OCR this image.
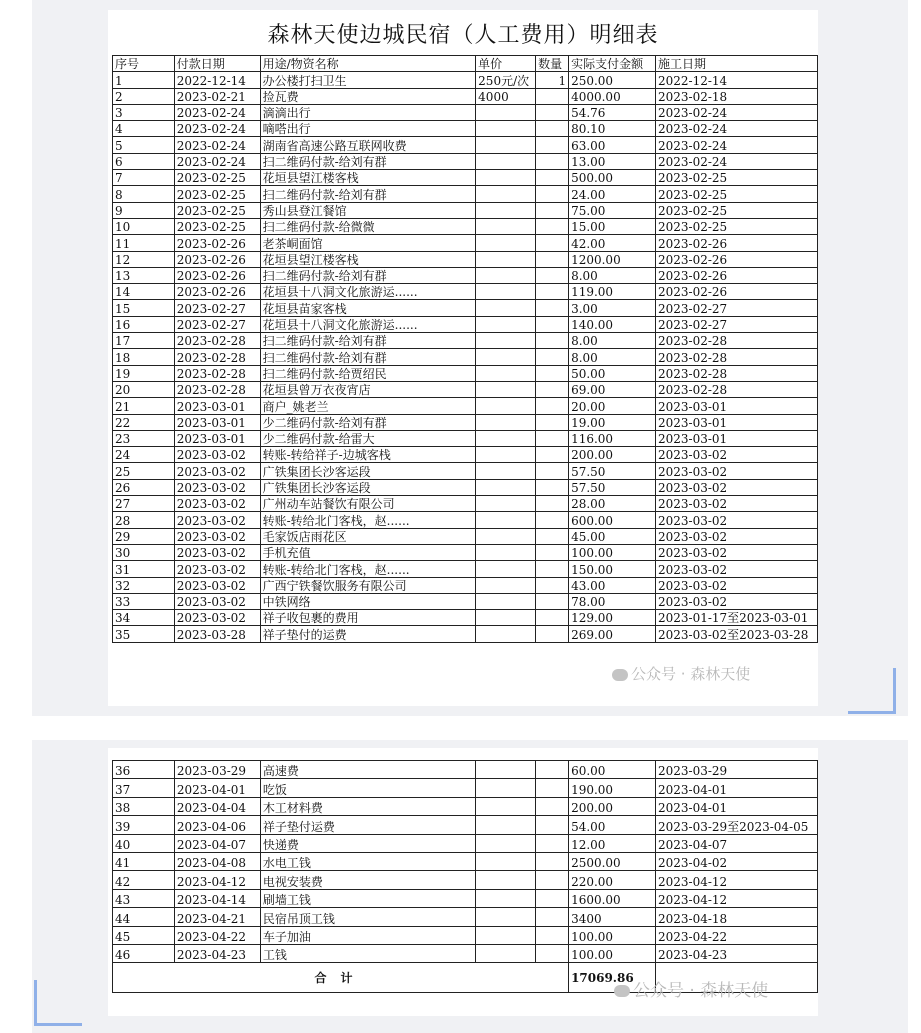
森林天使边城民宿（人工费用）明细表
序号	付款日期	用途/物资名称	单价	数量	实际支付金额	施工日期
1	2022-12-14	办公楼打扫卫生	250元/次	1	250.00	2022-12-14
2	2023-02-21	捡瓦费	4000		4000.00	2023-02-18
3	2023-02-24	滴滴出行			54.76	2023-02-24
4	2023-02-24	嘀嗒出行			80.10	2023-02-24
5	2023-02-24	湖南省高速公路互联网收费			63.00	2023-02-24
6	2023-02-24	扫二维码付款-给刘有群			13.00	2023-02-24
7	2023-02-25	花垣县望江楼客栈			500.00	2023-02-25
8	2023-02-25	扫二维码付款-给刘有群			24.00	2023-02-25
9	2023-02-25	秀山县登江餐馆			75.00	2023-02-25
10	2023-02-25	扫二维码付款-给微微			15.00	2023-02-25
11	2023-02-26	老茶峒面馆			42.00	2023-02-26
12	2023-02-26	花垣县望江楼客栈			1200.00	2023-02-26
13	2023-02-26	扫二维码付款-给刘有群			8.00	2023-02-26
14	2023-02-26	花垣县十八洞文化旅游运......			119.00	2023-02-26
15	2023-02-27	花垣县苗家客栈			3.00	2023-02-27
16	2023-02-27	花垣县十八洞文化旅游运......			140.00	2023-02-27
17	2023-02-28	扫二维码付款-给刘有群			8.00	2023-02-28
18	2023-02-28	扫二维码付款-给刘有群			8.00	2023-02-28
19	2023-02-28	扫二维码付款-给贾绍民			50.00	2023-02-28
20	2023-02-28	花垣县曾万衣夜宵店			69.00	2023-02-28
21	2023-03-01	商户_姚老兰			20.00	2023-03-01
22	2023-03-01	少二维码付款-给刘有群			19.00	2023-03-01
23	2023-03-01	少二维码付款-给雷大			116.00	2023-03-01
24	2023-03-02	转账-转给祥子-边城客栈			200.00	2023-03-02
25	2023-03-02	广铁集团长沙客运段			57.50	2023-03-02
26	2023-03-02	广铁集团长沙客运段			57.50	2023-03-02
27	2023-03-02	广州动车站餐饮有限公司			28.00	2023-03-02
28	2023-03-02	转账-转给北门客栈，赵......			600.00	2023-03-02
29	2023-03-02	毛家饭店雨花区			45.00	2023-03-02
30	2023-03-02	手机充值			100.00	2023-03-02
31	2023-03-02	转账-转给北门客栈，赵......			150.00	2023-03-02
32	2023-03-02	广西宁铁餐饮服务有限公司			43.00	2023-03-02
33	2023-03-02	中铁网络			78.00	2023-03-02
34	2023-03-02	祥子收包裹的费用			129.00	2023-01-17至2023-03-01
35	2023-03-28	祥子垫付的运费			269.00	2023-03-02至2023-03-28
36	2023-03-29	高速费			60.00	2023-03-29
37	2023-04-01	吃饭			190.00	2023-04-01
38	2023-04-04	木工材料费			200.00	2023-04-01
39	2023-04-06	祥子垫付运费			54.00	2023-03-29至2023-04-05
40	2023-04-07	快递费			12.00	2023-04-07
41	2023-04-08	水电工钱			2500.00	2023-04-02
42	2023-04-12	电视安装费			220.00	2023-04-12
43	2023-04-14	刷墙工钱			1600.00	2023-04-12
44	2023-04-21	民宿吊顶工钱			3400	2023-04-18
45	2023-04-22	车子加油			100.00	2023-04-22
46	2023-04-23	工钱			100.00	2023-04-23
合计					17069.86	
公众号 · 森林天使
公众号 · 森林天使
